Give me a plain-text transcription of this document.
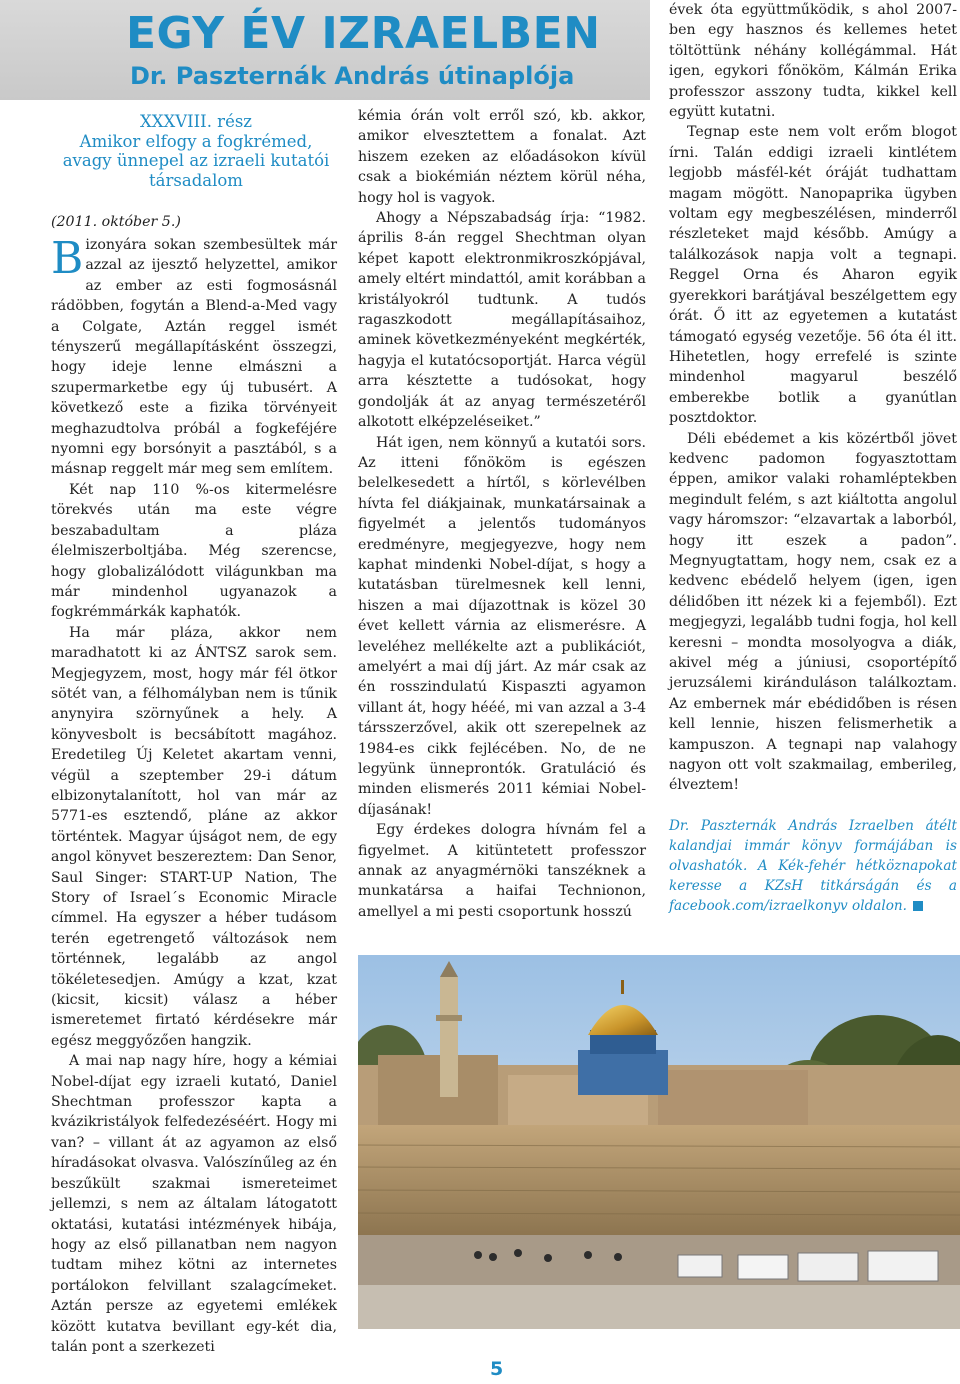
EGY ÉV IZRAELBEN
Dr. Paszternák András útinaplója
XXXVIII. rész
Amikor elfogy a fogkrémed,
avagy ünnepel az izraeli kutatói
társadalom
(2011. október 5.)

Bizonyára sokan szembesültek már azzal az ijesztő helyzettel, amikor az ember az esti fogmosásnál rádöbben, fogytán a Blend-a-Med vagy a Colgate, Aztán reggel ismét tényszerű megállapításként összegzi, hogy ideje lenne elmászni a szupermarketbe egy új tubusért. A következő este a fizika törvényeit meghazudtolva próbál a fogkeféjére nyomni egy borsónyit a pasztából, s a másnap reggelt már meg sem említem.

Két nap 110 %-os kitermelésre törekvés után ma este végre beszabadultam a pláza élelmiszerboltjába. Még szerencse, hogy globalizálódott világunkban ma már mindenhol ugyanazok a fogkrémmárkák kaphatók.

Ha már pláza, akkor nem maradhatott ki az ÁNTSZ sarok sem. Megjegyzem, most, hogy már fél ötkor sötét van, a félhomályban nem is tűnik anynyira szörnyűnek a hely. A könyvesbolt is becsábított magához. Eredetileg Új Keletet akartam venni, végül a szeptember 29-i dátum elbizonytalanított, hol van már az 5771-es esztendő, pláne az akkor történtek. Magyar újságot nem, de egy angol könyvet beszereztem: Dan Senor, Saul Singer: START-UP Nation, The Story of Israel´s Economic Miracle címmel. Ha egyszer a héber tudásom terén egetrengető változások nem történnek, legalább az angol tökéletesedjen. Amúgy a kzat, kzat (kicsit, kicsit) válasz a héber ismeretemet firtató kérdésekre már egész meggyőzően hangzik.

A mai nap nagy híre, hogy a kémiai Nobel-díjat egy izraeli kutató, Daniel Shechtman professzor kapta a kvázikristályok felfedezéséért. Hogy mi van? – villant át az agyamon az első híradásokat olvasva. Valószínűleg az én beszűkült szakmai ismereteimet jellemzi, s nem az általam látogatott oktatási, kutatási intézmények hibája, hogy az első pillanatban nem nagyon tudtam mihez kötni az internetes portálokon felvillant szalagcímeket. Aztán persze az egyetemi emlékek között kutatva bevillant egy-két dia, talán pont a szerkezeti

kémia órán volt erről szó, kb. akkor, amikor elvesztettem a fonalat. Azt hiszem ezeken az előadásokon kívül csak a biokémián néztem körül néha, hogy hol is vagyok.

Ahogy a Népszabadság írja: “1982. április 8-án reggel Shechtman olyan képet kapott elektronmikroszkópjával, amely eltért mindattól, amit korábban a kristályokról tudtunk. A tudós ragaszkodott megállapításaihoz, aminek következményeként megkérték, hagyja el kutatócsoportját. Harca végül arra késztette a tudósokat, hogy gondolják át az anyag természetéről alkotott elképzeléseiket.”

Hát igen, nem könnyű a kutatói sors. Az itteni főnököm is egészen belelkesedett a hírtől, s körlevélben hívta fel diákjainak, munkatársainak a figyelmét a jelentős tudományos eredményre, megjegyezve, hogy nem kaphat mindenki Nobel-díjat, s hogy a kutatásban türelmesnek kell lenni, hiszen a mai díjazottnak is közel 30 évet kellett várnia az elismerésre. A leveléhez mellékelte azt a publikációt, amelyért a mai díj járt. Az már csak az én rosszindulatú Kispaszti agyamon villant át, hogy hééé, mi van azzal a 3-4 társszerzővel, akik ott szerepelnek az 1984-es cikk fejlécében. No, de ne legyünk ünneprontók. Gratuláció és minden elismerés 2011 kémiai Nobel-díjasának!

Egy érdekes dologra hívnám fel a figyelmet. A kitüntetett professzor annak az anyagmérnöki tanszéknek a munkatársa a haifai Technionon, amellyel a mi pesti csoportunk hosszú

évek óta együttműködik, s ahol 2007-ben egy hasznos és kellemes hetet töltöttünk néhány kollégámmal. Hát igen, egykori főnököm, Kálmán Erika professzor asszony tudta, kikkel kell együtt kutatni.

Tegnap este nem volt erőm blogot írni. Talán eddigi izraeli kintlétem legjobb másfél-két óráját tudhattam magam mögött. Nanopaprika ügyben voltam egy megbeszélésen, minderről részleteket majd később. Amúgy a találkozások napja volt a tegnapi. Reggel Orna és Aharon egyik gyerekkori barátjával beszélgettem egy órát. Ő itt az egyetemen a kutatást támogató egység vezetője. 56 óta él itt. Hihetetlen, hogy errefelé is szinte mindenhol magyarul beszélő emberekbe botlik a gyanútlan posztdoktor.

Déli ebédemet a kis közértből jövet kedvenc padomon fogyasztottam éppen, amikor valaki rohamléptekben megindult felém, s azt kiáltotta angolul vagy háromszor: “elzavartak a laborból, hogy itt eszek a padon”. Megnyugtattam, hogy nem, csak ez a kedvenc ebédelő helyem (igen, igen délidőben itt nézek ki a fejemből). Ezt megjegyzi, legalább tudni fogja, hol kell keresni – mondta mosolyogva a diák, akivel még a júniusi, csoportépítő jeruzsálemi kiránduláson találkoztam. Az embernek már ebédidőben is résen kell lennie, hiszen felismerhetik a kampuszon. A tegnapi nap valahogy nagyon ott volt szakmailag, emberileg, élveztem!

Dr. Paszternák András Izraelben átélt kalandjai immár könyv formájában is olvashatók. A Kék-fehér hétköznapokat keresse a KZsH titkárságán és a facebook.com/izraelkonyv oldalon.

5
